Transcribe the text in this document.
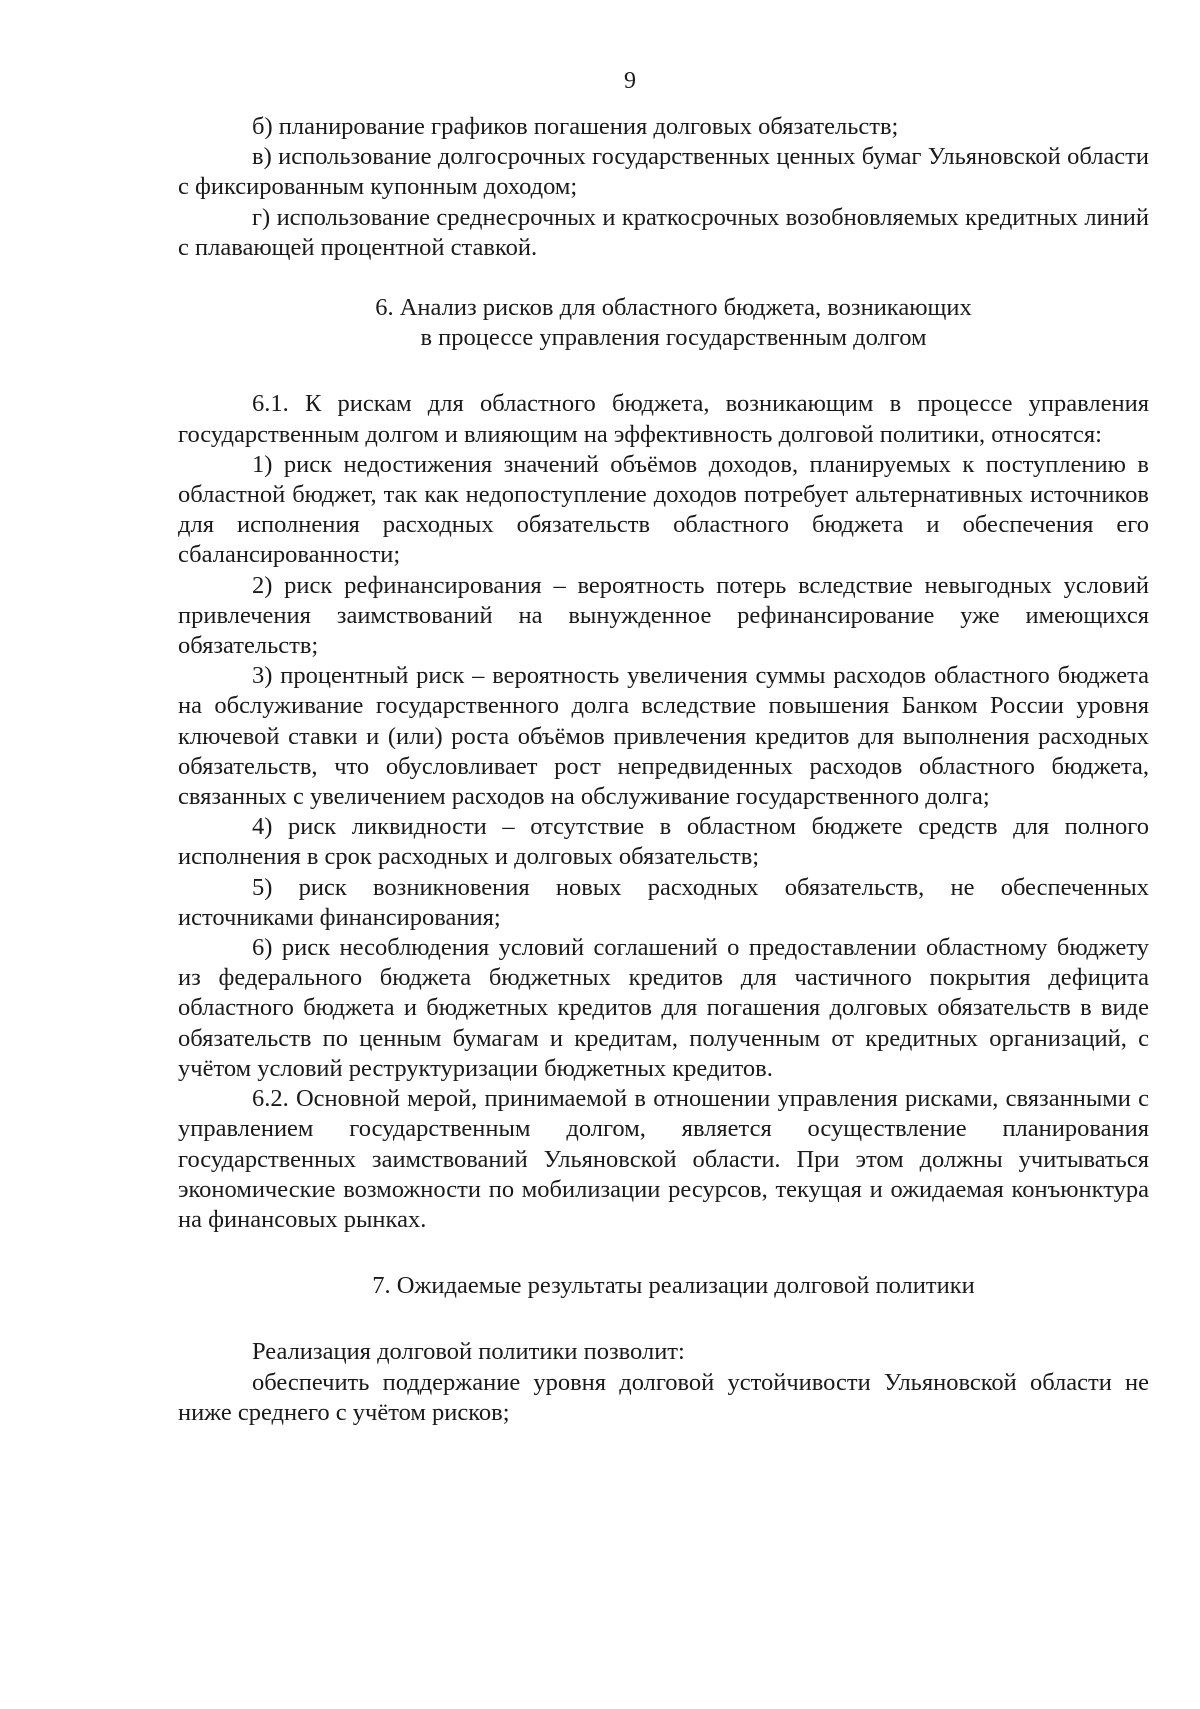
9

б) планирование графиков погашения долговых обязательств;

в) использование долгосрочных государственных ценных бумаг Ульяновской области с фиксированным купонным доходом;

г) использование среднесрочных и краткосрочных возобновляемых кредитных линий с плавающей процентной ставкой.

6. Анализ рисков для областного бюджета, возникающих

в процессе управления государственным долгом

6.1. К рискам для областного бюджета, возникающим в процессе управления государственным долгом и влияющим на эффективность долговой политики, относятся:

1) риск недостижения значений объёмов доходов, планируемых к поступлению в областной бюджет, так как недопоступление доходов потребует альтернативных источников для исполнения расходных обязательств областного бюджета и обеспечения его сбалансированности;

2) риск рефинансирования – вероятность потерь вследствие невыгодных условий привлечения заимствований на вынужденное рефинансирование уже имеющихся обязательств;

3) процентный риск – вероятность увеличения суммы расходов областного бюджета на обслуживание государственного долга вследствие повышения Банком России уровня ключевой ставки и (или) роста объёмов привлечения кредитов для выполнения расходных обязательств, что обусловливает рост непредвиденных расходов областного бюджета, связанных с увеличением расходов на обслуживание государственного долга;

4) риск ликвидности – отсутствие в областном бюджете средств для полного исполнения в срок расходных и долговых обязательств;

5) риск возникновения новых расходных обязательств, не обеспеченных источниками финансирования;

6) риск несоблюдения условий соглашений о предоставлении областному бюджету из федерального бюджета бюджетных кредитов для частичного покрытия дефицита областного бюджета и бюджетных кредитов для погашения долговых обязательств в виде обязательств по ценным бумагам и кредитам, полученным от кредитных организаций, с учётом условий реструктуризации бюджетных кредитов.

6.2. Основной мерой, принимаемой в отношении управления рисками, связанными с управлением государственным долгом, является осуществление планирования государственных заимствований Ульяновской области. При этом должны учитываться экономические возможности по мобилизации ресурсов, текущая и ожидаемая конъюнктура на финансовых рынках.

7. Ожидаемые результаты реализации долговой политики

Реализация долговой политики позволит:

обеспечить поддержание уровня долговой устойчивости Ульяновской области не ниже среднего с учётом рисков;
